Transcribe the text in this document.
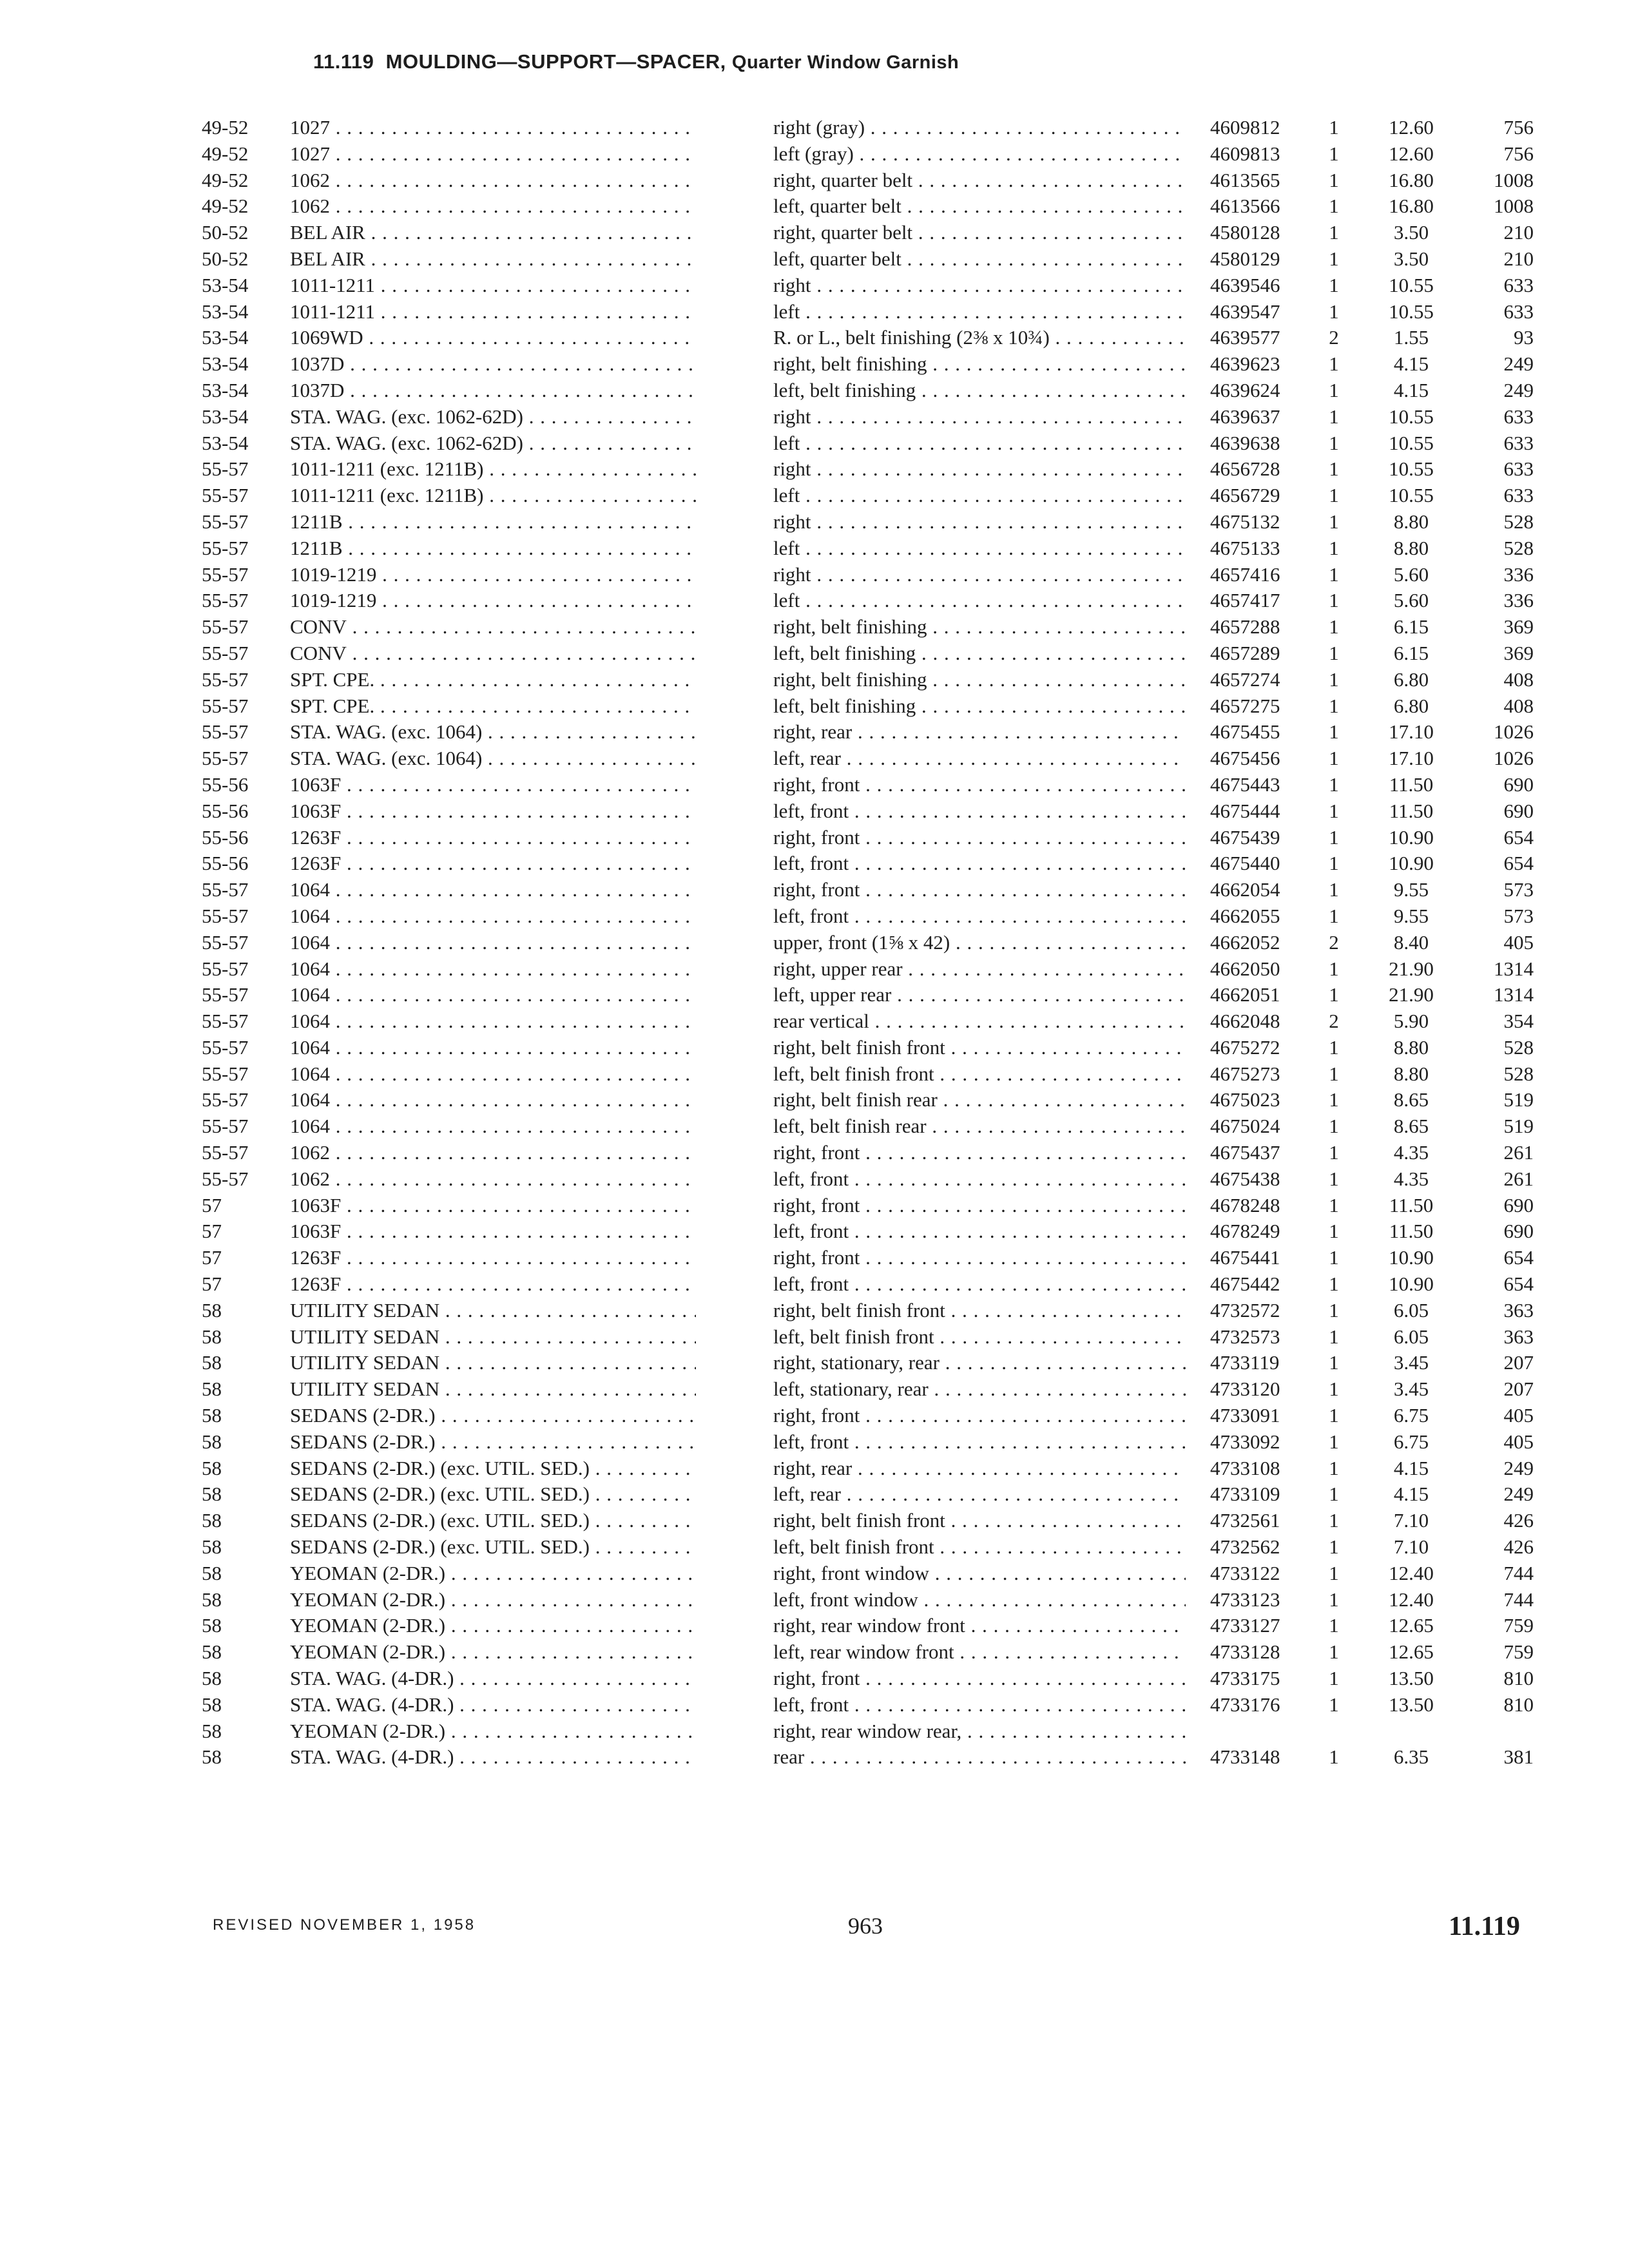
11.119 MOULDING—SUPPORT—SPACER, Quarter Window Garnish
49-52 1027 . . .	right (gray) . . .	4609812	1	12.60	756
49-52 1027 . . .	left (gray) . . .	4609813	1	12.60	756
49-52 1062 . . .	right, quarter belt . . .	4613565	1	16.80	1008
49-52 1062 . . .	left, quarter belt . . .	4613566	1	16.80	1008
50-52 BEL AIR . . .	right, quarter belt . . .	4580128	1	3.50	210
50-52 BEL AIR . . .	left, quarter belt . . .	4580129	1	3.50	210
53-54 1011-1211 . . .	right . . .	4639546	1	10.55	633
53-54 1011-1211 . . .	left . . .	4639547	1	10.55	633
53-54 1069WD . . .	R. or L., belt finishing (2⅜ x 10¾) . . .	4639577	2	1.55	93
53-54 1037D . . .	right, belt finishing . . .	4639623	1	4.15	249
53-54 1037D . . .	left, belt finishing . . .	4639624	1	4.15	249
53-54 STA. WAG. (exc. 1062-62D) . . .	right . . .	4639637	1	10.55	633
53-54 STA. WAG. (exc. 1062-62D) . . .	left . . .	4639638	1	10.55	633
55-57 1011-1211 (exc. 1211B) . . .	right . . .	4656728	1	10.55	633
55-57 1011-1211 (exc. 1211B) . . .	left . . .	4656729	1	10.55	633
55-57 1211B . . .	right . . .	4675132	1	8.80	528
55-57 1211B . . .	left . . .	4675133	1	8.80	528
55-57 1019-1219 . . .	right . . .	4657416	1	5.60	336
55-57 1019-1219 . . .	left . . .	4657417	1	5.60	336
55-57 CONV . . .	right, belt finishing . . .	4657288	1	6.15	369
55-57 CONV . . .	left, belt finishing . . .	4657289	1	6.15	369
55-57 SPT. CPE. . . .	right, belt finishing . . .	4657274	1	6.80	408
55-57 SPT. CPE. . . .	left, belt finishing . . .	4657275	1	6.80	408
55-57 STA. WAG. (exc. 1064) . . .	right, rear . . .	4675455	1	17.10	1026
55-57 STA. WAG. (exc. 1064) . . .	left, rear . . .	4675456	1	17.10	1026
55-56 1063F . . .	right, front . . .	4675443	1	11.50	690
55-56 1063F . . .	left, front . . .	4675444	1	11.50	690
55-56 1263F . . .	right, front . . .	4675439	1	10.90	654
55-56 1263F . . .	left, front . . .	4675440	1	10.90	654
55-57 1064 . . .	right, front . . .	4662054	1	9.55	573
55-57 1064 . . .	left, front . . .	4662055	1	9.55	573
55-57 1064 . . .	upper, front (1⅝ x 42) . . .	4662052	2	8.40	405
55-57 1064 . . .	right, upper rear . . .	4662050	1	21.90	1314
55-57 1064 . . .	left, upper rear . . .	4662051	1	21.90	1314
55-57 1064 . . .	rear vertical . . .	4662048	2	5.90	354
55-57 1064 . . .	right, belt finish front . . .	4675272	1	8.80	528
55-57 1064 . . .	left, belt finish front . . .	4675273	1	8.80	528
55-57 1064 . . .	right, belt finish rear . . .	4675023	1	8.65	519
55-57 1064 . . .	left, belt finish rear . . .	4675024	1	8.65	519
55-57 1062 . . .	right, front . . .	4675437	1	4.35	261
55-57 1062 . . .	left, front . . .	4675438	1	4.35	261
57	1063F . . .	right, front . . .	4678248	1	11.50	690
57	1063F . . .	left, front . . .	4678249	1	11.50	690
57	1263F . . .	right, front . . .	4675441	1	10.90	654
57	1263F . . .	left, front . . .	4675442	1	10.90	654
58	UTILITY SEDAN . . .	right, belt finish front . . .	4732572	1	6.05	363
58	UTILITY SEDAN . . .	left, belt finish front . . .	4732573	1	6.05	363
58	UTILITY SEDAN . . .	right, stationary, rear . . .	4733119	1	3.45	207
58	UTILITY SEDAN . . .	left, stationary, rear . . .	4733120	1	3.45	207
58	SEDANS (2-DR.) . . .	right, front . . .	4733091	1	6.75	405
58	SEDANS (2-DR.) . . .	left, front . . .	4733092	1	6.75	405
58	SEDANS (2-DR.) (exc. UTIL. SED.) . . .	right, rear . . .	4733108	1	4.15	249
58	SEDANS (2-DR.) (exc. UTIL. SED.) . . .	left, rear . . .	4733109	1	4.15	249
58	SEDANS (2-DR.) (exc. UTIL. SED.) . . .	right, belt finish front . . .	4732561	1	7.10	426
58	SEDANS (2-DR.) (exc. UTIL. SED.) . . .	left, belt finish front . . .	4732562	1	7.10	426
58	YEOMAN (2-DR.) . . .	right, front window . . .	4733122	1	12.40	744
58	YEOMAN (2-DR.) . . .	left, front window . . .	4733123	1	12.40	744
58	YEOMAN (2-DR.) . . .	right, rear window front . . .	4733127	1	12.65	759
58	YEOMAN (2-DR.) . . .	left, rear window front . . .	4733128	1	12.65	759
58	STA. WAG. (4-DR.) . . .	right, front . . .	4733175	1	13.50	810
58	STA. WAG. (4-DR.) . . .	left, front . . .	4733176	1	13.50	810
58	YEOMAN (2-DR.) . . .	right, rear window rear, . . .
58	STA. WAG. (4-DR.) . . .	rear . . .	4733148	1	6.35	381
REVISED NOVEMBER 1, 1958	963	11.119
